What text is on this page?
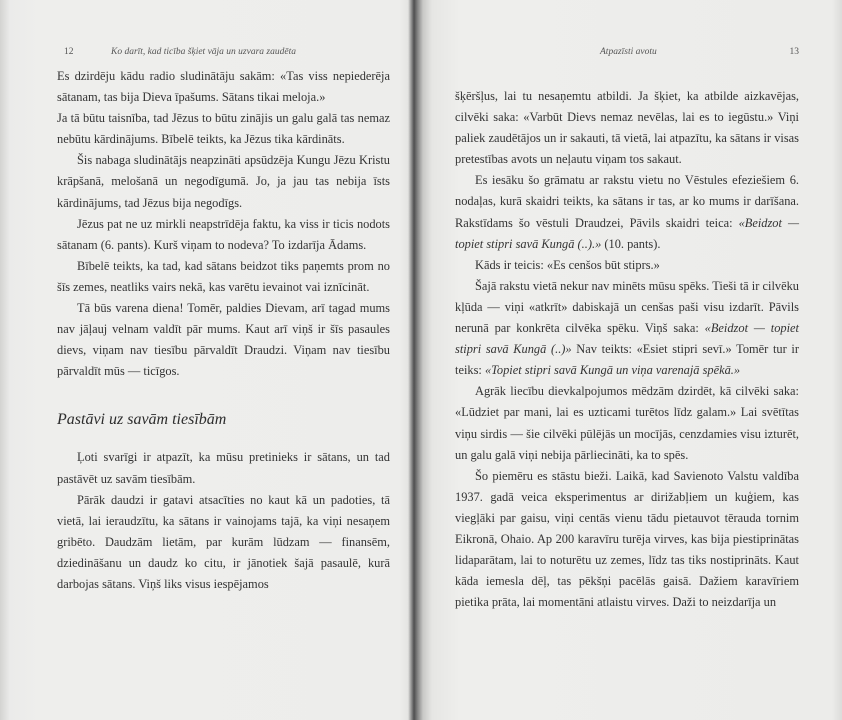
12	Ko darīt, kad ticība šķiet vāja un uzvara zaudēta

Es dzirdēju kādu radio sludinātāju sakām: «Tas viss nepiederēja sātanam, tas bija Dieva īpašums. Sātans tikai meloja.»

Ja tā būtu taisnība, tad Jēzus to būtu zinājis un galu galā tas nemaz nebūtu kārdinājums. Bībelē teikts, ka Jēzus tika kārdināts.

Šis nabaga sludinātājs neapzināti apsūdzēja Kungu Jēzu Kristu krāpšanā, melošanā un negodīgumā. Jo, ja jau tas nebija īsts kārdinājums, tad Jēzus bija negodīgs.

Jēzus pat ne uz mirkli neapstrīdēja faktu, ka viss ir ticis nodots sātanam (6. pants). Kurš viņam to nodeva? To izdarīja Ādams.

Bībelē teikts, ka tad, kad sātans beidzot tiks paņemts prom no šīs zemes, neatliks vairs nekā, kas varētu ievainot vai iznīcināt.

Tā būs varena diena! Tomēr, paldies Dievam, arī tagad mums nav jāļauj velnam valdīt pār mums. Kaut arī viņš ir šīs pasaules dievs, viņam nav tiesību pārvaldīt Draudzi. Viņam nav tiesību pārvaldīt mūs — ticīgos.

Pastāvi uz savām tiesībām

Ļoti svarīgi ir atpazīt, ka mūsu pretinieks ir sātans, un tad pastāvēt uz savām tiesībām.

Pārāk daudzi ir gatavi atsacīties no kaut kā un padoties, tā vietā, lai ieraudzītu, ka sātans ir vainojams tajā, ka viņi nesaņem gribēto. Daudzām lietām, par kurām lūdzam — finansēm, dziedināšanu un daudz ko citu, ir jānotiek šajā pasaulē, kurā darbojas sātans. Viņš liks visus iespējamos

Atpazīsti avotu	13

šķēršļus, lai tu nesaņemtu atbildi. Ja šķiet, ka atbilde aizkavējas, cilvēki saka: «Varbūt Dievs nemaz nevēlas, lai es to iegūstu.» Viņi paliek zaudētājos un ir sakauti, tā vietā, lai atpazītu, ka sātans ir visas pretestības avots un neļautu viņam tos sakaut.

Es iesāku šo grāmatu ar rakstu vietu no Vēstules efeziešiem 6. nodaļas, kurā skaidri teikts, ka sātans ir tas, ar ko mums ir darīšana. Rakstīdams šo vēstuli Draudzei, Pāvils skaidri teica: «Beidzot — topiet stipri savā Kungā (..).» (10. pants).

Kāds ir teicis: «Es cenšos būt stiprs.»

Šajā rakstu vietā nekur nav minēts mūsu spēks. Tieši tā ir cilvēku kļūda — viņi «atkrīt» dabiskajā un cenšas paši visu izdarīt. Pāvils nerunā par konkrēta cilvēka spēku. Viņš saka: «Beidzot — topiet stipri savā Kungā (..)» Nav teikts: «Esiet stipri sevī.» Tomēr tur ir teiks: «Topiet stipri savā Kungā un viņa varenajā spēkā.»

Agrāk liecību dievkalpojumos mēdzām dzirdēt, kā cilvēki saka: «Lūdziet par mani, lai es uzticami turētos līdz galam.» Lai svētītas viņu sirdis — šie cilvēki pūlējās un mocījās, cenzdamies visu izturēt, un galu galā viņi nebija pārliecināti, ka to spēs.

Šo piemēru es stāstu bieži. Laikā, kad Savienoto Valstu valdība 1937. gadā veica eksperimentus ar dirižabļiem un kuģiem, kas viegļāki par gaisu, viņi centās vienu tādu pietauvot tērauda tornim Eikronā, Ohaio. Ap 200 karavīru turēja virves, kas bija piestiprinātas lidaparātam, lai to noturētu uz zemes, līdz tas tiks nostiprināts. Kaut kāda iemesla dēļ, tas pēkšņi pacēlās gaisā. Dažiem karavīriem pietika prāta, lai momentāni atlaistu virves. Daži to neizdarīja un
